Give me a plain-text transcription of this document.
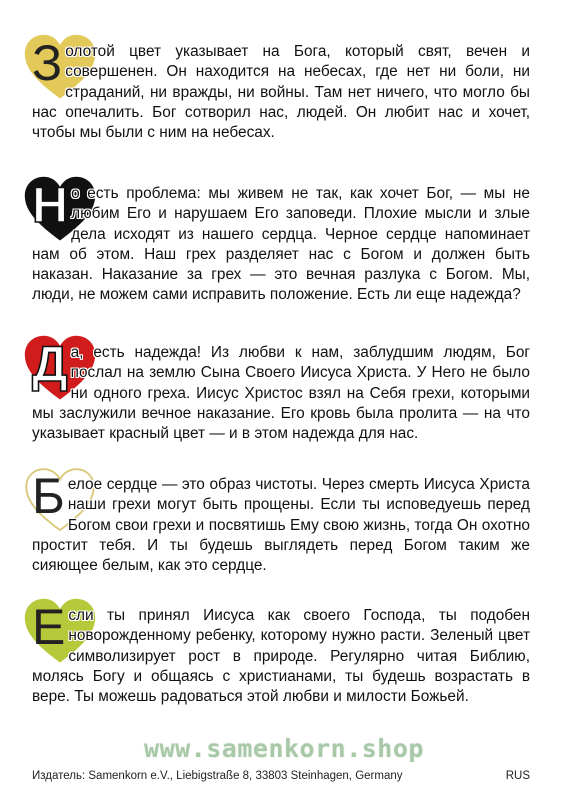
Золотой цвет указывает на Бога, который свят, вечен и совершенен. Он находится на небесах, где нет ни боли, ни страданий, ни вражды, ни войны. Там нет ничего, что могло бы нас опечалить. Бог сотворил нас, людей. Он любит нас и хочет, чтобы мы были с ним на небесах.
Но есть проблема: мы живем не так, как хочет Бог, — мы не любим Его и нарушаем Его заповеди. Плохие мысли и злые дела исходят из нашего сердца. Черное сердце напоминает нам об этом. Наш грех разделяет нас с Богом и должен быть наказан. Наказание за грех — это вечная разлука с Богом. Мы, люди, не можем сами исправить положение. Есть ли еще надежда?
Да, есть надежда! Из любви к нам, заблудшим людям, Бог послал на землю Сына Своего Иисуса Христа. У Него не было ни одного греха. Иисус Христос взял на Себя грехи, которыми мы заслужили вечное наказание. Его кровь была пролита — на что указывает красный цвет — и в этом надежда для нас.
Белое сердце — это образ чистоты. Через смерть Иисуса Христа наши грехи могут быть прощены. Если ты исповедуешь перед Богом свои грехи и посвятишь Ему свою жизнь, тогда Он охотно простит тебя. И ты будешь выглядеть перед Богом таким же сияющее белым, как это сердце.
Если ты принял Иисуса как своего Господа, ты подобен новорожденному ребенку, которому нужно расти. Зеленый цвет символизирует рост в природе. Регулярно читая Библию, молясь Богу и общаясь с христианами, ты будешь возрастать в вере. Ты можешь радоваться этой любви и милости Божьей.
www.samenkorn.shop
Издатель: Samenkorn e.V., Liebigstraße 8, 33803 Steinhagen, Germany	RUS
